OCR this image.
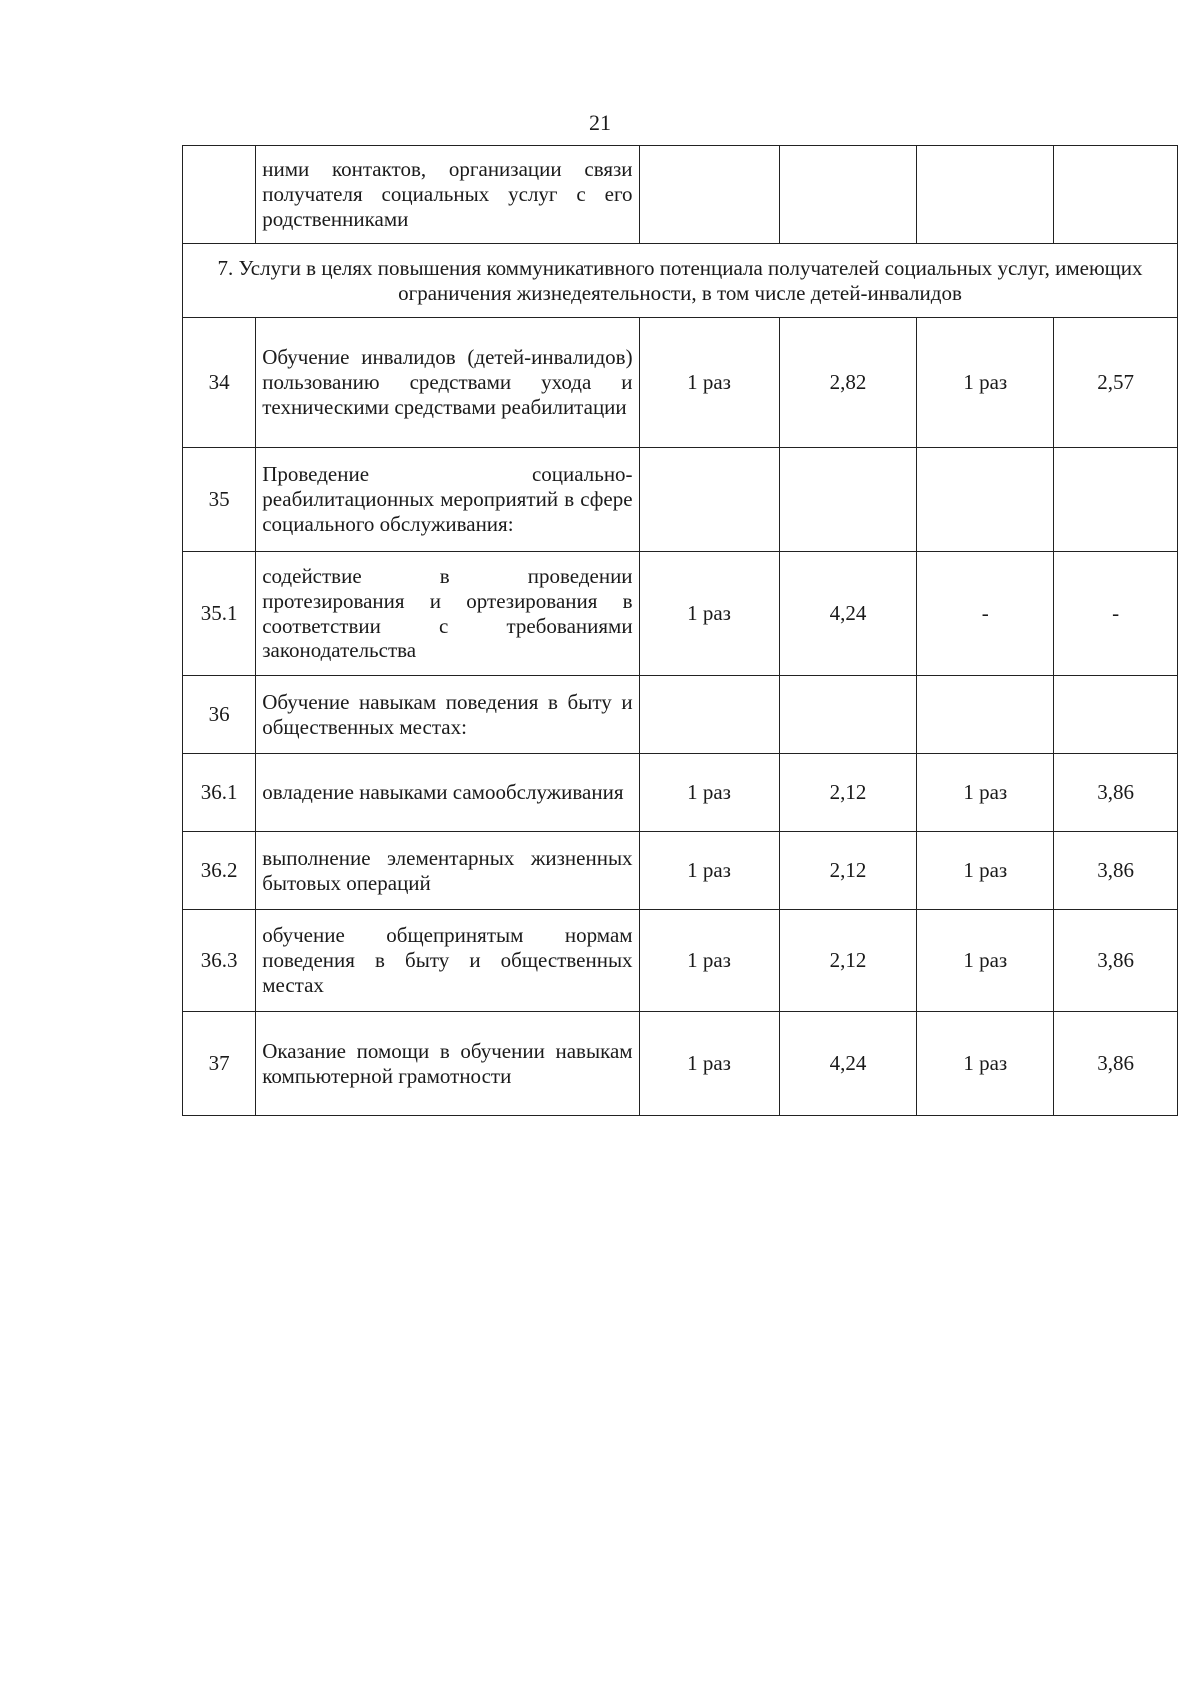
21
	ними контактов, организации связи получателя социальных услуг с его родственниками				
7. Услуги в целях повышения коммуникативного потенциала получателей социальных услуг, имеющих ограничения жизнедеятельности, в том числе детей-инвалидов					
34	Обучение инвалидов (детей-инвалидов) пользованию средствами ухода и техническими средствами реабилитации	1 раз	2,82	1 раз	2,57
35	Проведение социально-реабилитационных мероприятий в сфере социального обслуживания:				
35.1	содействие в проведении протезирования и ортезирования в соответствии с требованиями законодательства	1 раз	4,24	-	-
36	Обучение навыкам поведения в быту и общественных местах:				
36.1	овладение навыками самообслуживания	1 раз	2,12	1 раз	3,86
36.2	выполнение элементарных жизненных бытовых операций	1 раз	2,12	1 раз	3,86
36.3	обучение общепринятым нормам поведения в быту и общественных местах	1 раз	2,12	1 раз	3,86
37	Оказание помощи в обучении навыкам компьютерной грамотности	1 раз	4,24	1 раз	3,86
